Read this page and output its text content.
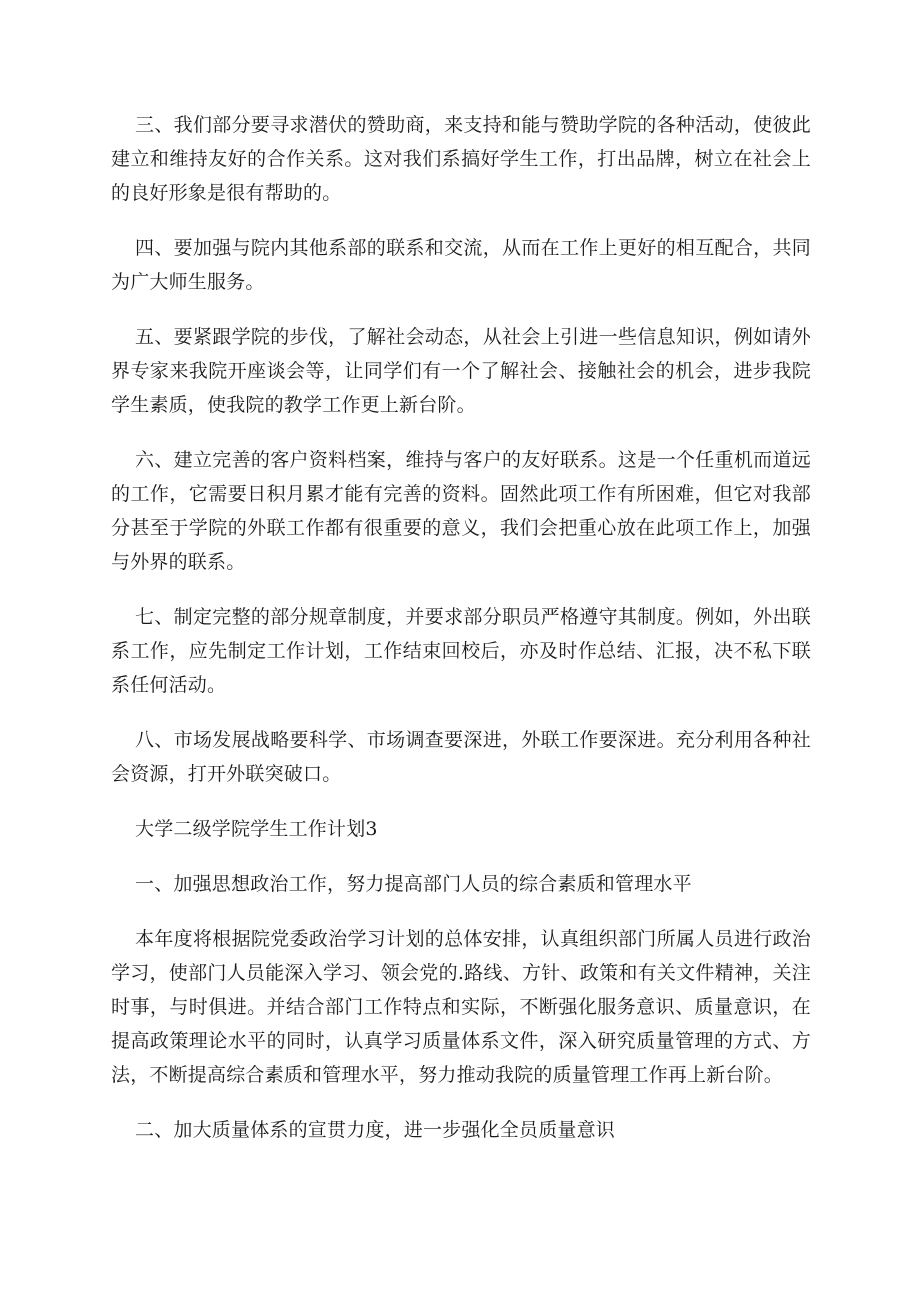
三、我们部分要寻求潜伏的赞助商，来支持和能与赞助学院的各种活动，使彼此建立和维持友好的合作关系。这对我们系搞好学生工作，打出品牌，树立在社会上的良好形象是很有帮助的。

四、要加强与院内其他系部的联系和交流，从而在工作上更好的相互配合，共同为广大师生服务。

五、要紧跟学院的步伐，了解社会动态，从社会上引进一些信息知识，例如请外界专家来我院开座谈会等，让同学们有一个了解社会、接触社会的机会，进步我院学生素质，使我院的教学工作更上新台阶。

六、建立完善的客户资料档案，维持与客户的友好联系。这是一个任重机而道远的工作，它需要日积月累才能有完善的资料。固然此项工作有所困难，但它对我部分甚至于学院的外联工作都有很重要的意义，我们会把重心放在此项工作上，加强与外界的联系。

七、制定完整的部分规章制度，并要求部分职员严格遵守其制度。例如，外出联系工作，应先制定工作计划，工作结束回校后，亦及时作总结、汇报，决不私下联系任何活动。

八、市场发展战略要科学、市场调查要深进，外联工作要深进。充分利用各种社会资源，打开外联突破口。

大学二级学院学生工作计划3

一、加强思想政治工作，努力提高部门人员的综合素质和管理水平

本年度将根据院党委政治学习计划的总体安排，认真组织部门所属人员进行政治学习，使部门人员能深入学习、领会党的.路线、方针、政策和有关文件精神，关注时事，与时俱进。并结合部门工作特点和实际，不断强化服务意识、质量意识，在提高政策理论水平的同时，认真学习质量体系文件，深入研究质量管理的方式、方法，不断提高综合素质和管理水平，努力推动我院的质量管理工作再上新台阶。

二、加大质量体系的宣贯力度，进一步强化全员质量意识
